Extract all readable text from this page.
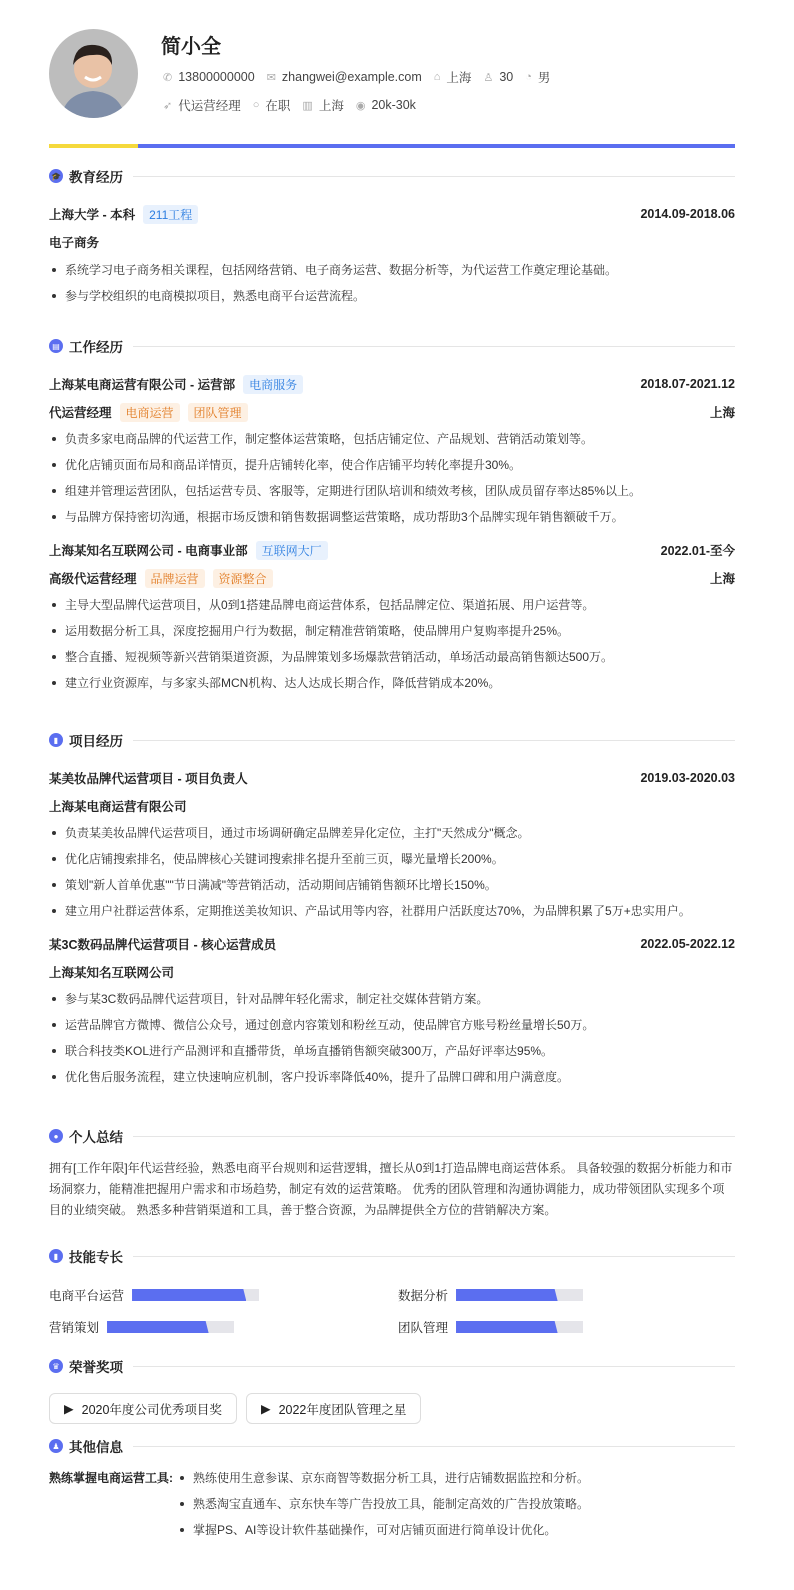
简小全
✆ 13800000000 ✉ zhangwei@example.com ⌂ 上海 ♙ 30 ◔ 男
➶ 代运营经理 ○ 在职 ▥ 上海 ◉ 20k-30k
🎓 教育经历
上海大学 - 本科	211工程	2014.09-2018.06
电子商务
系统学习电子商务相关课程，包括网络营销、电子商务运营、数据分析等，为代运营工作奠定理论基础。
参与学校组织的电商模拟项目，熟悉电商平台运营流程。
▤ 工作经历
上海某电商运营有限公司 - 运营部	电商服务	2018.07-2021.12
代运营经理	电商运营	团队管理	上海
负责多家电商品牌的代运营工作，制定整体运营策略，包括店铺定位、产品规划、营销活动策划等。
优化店铺页面布局和商品详情页，提升店铺转化率，使合作店铺平均转化率提升30%。
组建并管理运营团队，包括运营专员、客服等，定期进行团队培训和绩效考核，团队成员留存率达85%以上。
与品牌方保持密切沟通，根据市场反馈和销售数据调整运营策略，成功帮助3个品牌实现年销售额破千万。
上海某知名互联网公司 - 电商事业部	互联网大厂	2022.01-至今
高级代运营经理	品牌运营	资源整合	上海
主导大型品牌代运营项目，从0到1搭建品牌电商运营体系，包括品牌定位、渠道拓展、用户运营等。
运用数据分析工具，深度挖掘用户行为数据，制定精准营销策略，使品牌用户复购率提升25%。
整合直播、短视频等新兴营销渠道资源，为品牌策划多场爆款营销活动，单场活动最高销售额达500万。
建立行业资源库，与多家头部MCN机构、达人达成长期合作，降低营销成本20%。
▮ 项目经历
某美妆品牌代运营项目 - 项目负责人	2019.03-2020.03
上海某电商运营有限公司
负责某美妆品牌代运营项目，通过市场调研确定品牌差异化定位，主打"天然成分"概念。
优化店铺搜索排名，使品牌核心关键词搜索排名提升至前三页，曝光量增长200%。
策划"新人首单优惠""节日满减"等营销活动，活动期间店铺销售额环比增长150%。
建立用户社群运营体系，定期推送美妆知识、产品试用等内容，社群用户活跃度达70%，为品牌积累了5万+忠实用户。
某3C数码品牌代运营项目 - 核心运营成员	2022.05-2022.12
上海某知名互联网公司
参与某3C数码品牌代运营项目，针对品牌年轻化需求，制定社交媒体营销方案。
运营品牌官方微博、微信公众号，通过创意内容策划和粉丝互动，使品牌官方账号粉丝量增长50万。
联合科技类KOL进行产品测评和直播带货，单场直播销售额突破300万，产品好评率达95%。
优化售后服务流程，建立快速响应机制，客户投诉率降低40%，提升了品牌口碑和用户满意度。
● 个人总结

拥有[工作年限]年代运营经验，熟悉电商平台规则和运营逻辑，擅长从0到1打造品牌电商运营体系。 具备较强的数据分析能力和市场洞察力，能精准把握用户需求和市场趋势，制定有效的运营策略。 优秀的团队管理和沟通协调能力，成功带领团队实现多个项目的业绩突破。 熟悉多种营销渠道和工具，善于整合资源，为品牌提供全方位的营销解决方案。

▮ 技能专长
电商平台运营	数据分析
营销策划	团队管理
♛ 荣誉奖项
▶ 2020年度公司优秀项目奖	▶ 2022年度团队管理之星
♟ 其他信息
熟练掌握电商运营工具:	熟练使用生意参谋、京东商智等数据分析工具，进行店铺数据监控和分析。
熟悉淘宝直通车、京东快车等广告投放工具，能制定高效的广告投放策略。
掌握PS、AI等设计软件基础操作，可对店铺页面进行简单设计优化。
